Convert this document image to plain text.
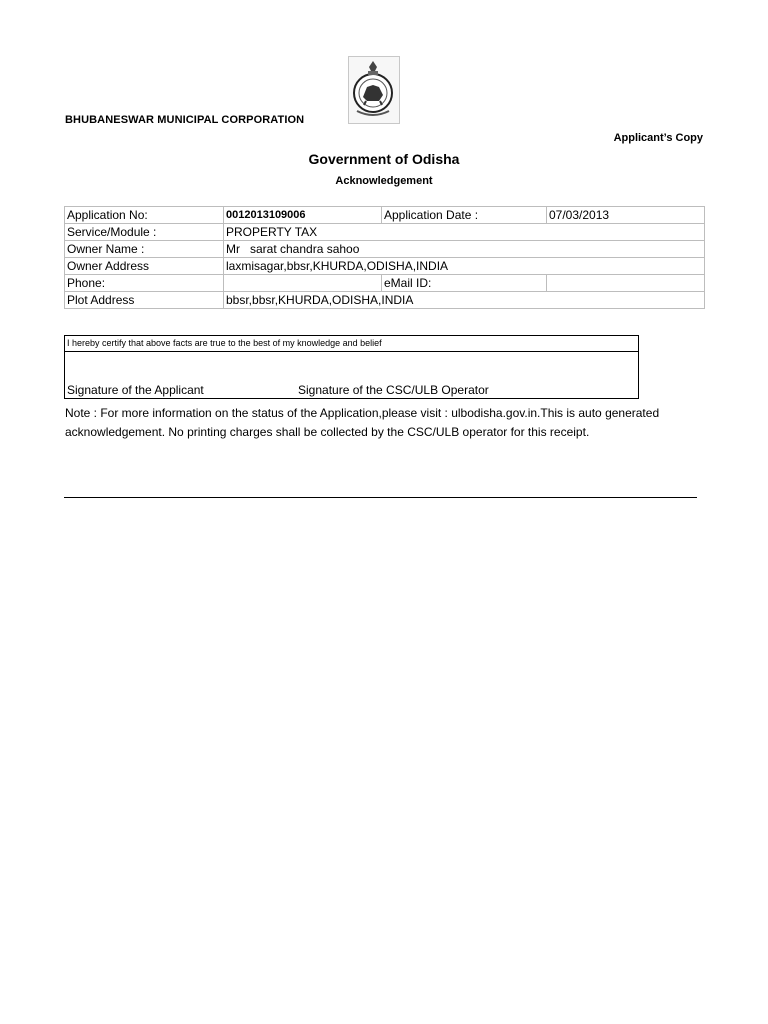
BHUBANESWAR MUNICIPAL CORPORATION
Applicant’s Copy
Government of Odisha
Acknowledgement
Application No:	0012013109006	Application Date :	07/03/2013
Service/Module :	PROPERTY TAX		
Owner Name :	Mr   sarat chandra sahoo		
Owner Address	laxmisagar,bbsr,KHURDA,ODISHA,INDIA		
Phone:		eMail ID:	
Plot Address	bbsr,bbsr,KHURDA,ODISHA,INDIA		
I hereby certify that above facts are true to the best of my knowledge and belief
Signature of the Applicant	Signature of the CSC/ULB Operator
Note : For more information on the status of the Application,please visit : ulbodisha.gov.in.This is auto generated acknowledgement. No printing charges shall be collected by the CSC/ULB operator for this receipt.
